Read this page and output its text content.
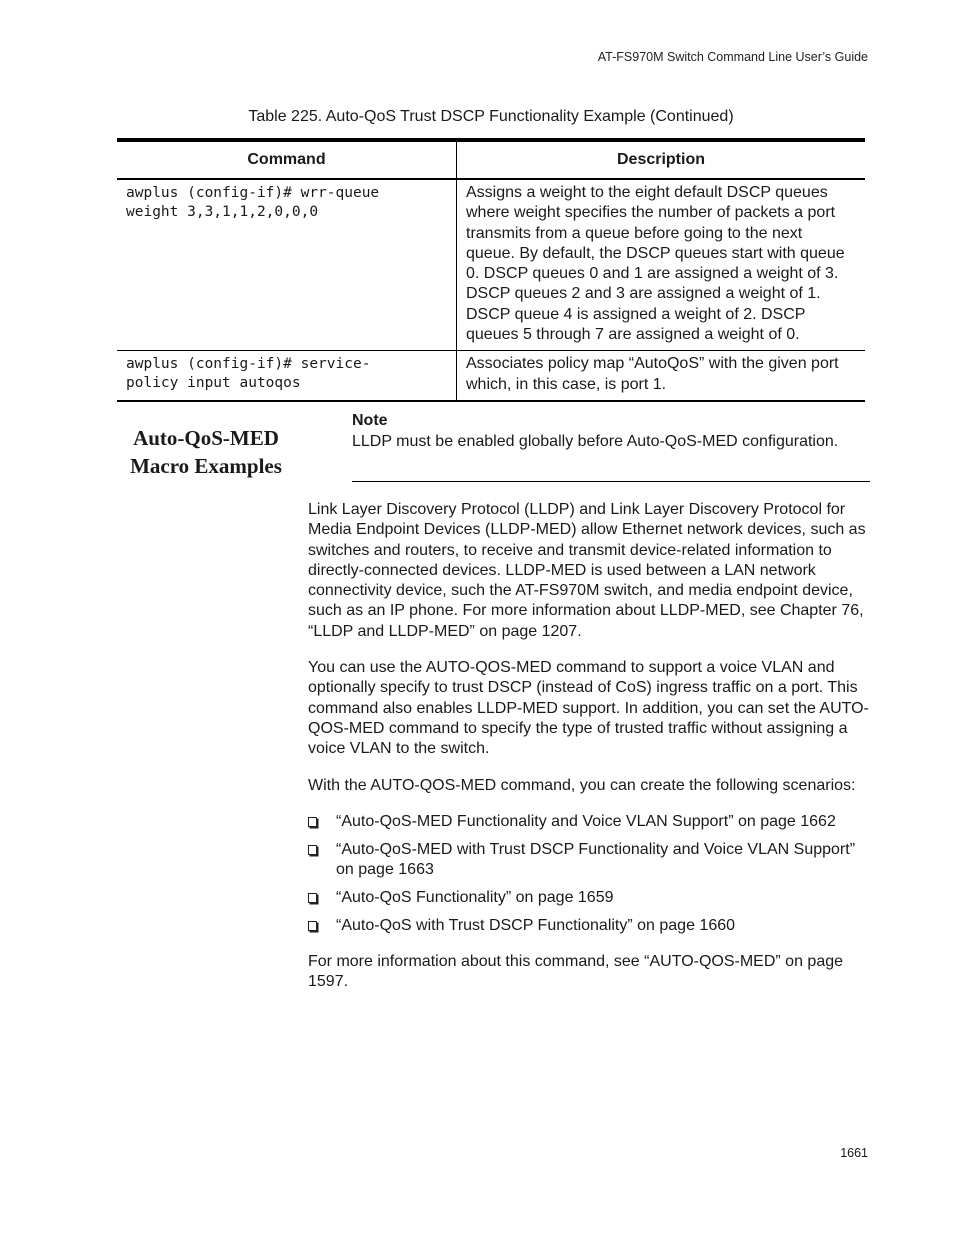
AT-FS970M Switch Command Line User’s Guide
Table 225. Auto-QoS Trust DSCP Functionality Example (Continued)
Command	Description

awplus (config-if)# wrr-queue
weight 3,3,1,1,2,0,0,0	Assigns a weight to the eight default DSCP queues where weight specifies the number of packets a port transmits from a queue before going to the next queue. By default, the DSCP queues start with queue 0. DSCP queues 0 and 1 are assigned a weight of 3. DSCP queues 2 and 3 are assigned a weight of 1. DSCP queue 4 is assigned a weight of 2. DSCP queues 5 through 7 are assigned a weight of 0.

awplus (config-if)# service-
policy input autoqos	Associates policy map “AutoQoS” with the given port which, in this case, is port 1.
Auto-QoS-MED
Macro Examples
Note
LLDP must be enabled globally before Auto-QoS-MED configuration.

Link Layer Discovery Protocol (LLDP) and Link Layer Discovery Protocol for Media Endpoint Devices (LLDP-MED) allow Ethernet network devices, such as switches and routers, to receive and transmit device-related information to directly-connected devices. LLDP-MED is used between a LAN network connectivity device, such the AT-FS970M switch, and media endpoint device, such as an IP phone. For more information about LLDP-MED, see Chapter 76, “LLDP and LLDP-MED” on page 1207.

You can use the AUTO-QOS-MED command to support a voice VLAN and optionally specify to trust DSCP (instead of CoS) ingress traffic on a port. This command also enables LLDP-MED support. In addition, you can set the AUTO-QOS-MED command to specify the type of trusted traffic without assigning a voice VLAN to the switch.

With the AUTO-QOS-MED command, you can create the following scenarios:

“Auto-QoS-MED Functionality and Voice VLAN Support” on page 1662
“Auto-QoS-MED with Trust DSCP Functionality and Voice VLAN Support” on page 1663
“Auto-QoS Functionality” on page 1659
“Auto-QoS with Trust DSCP Functionality” on page 1660

For more information about this command, see “AUTO-QOS-MED” on page 1597.

1661
